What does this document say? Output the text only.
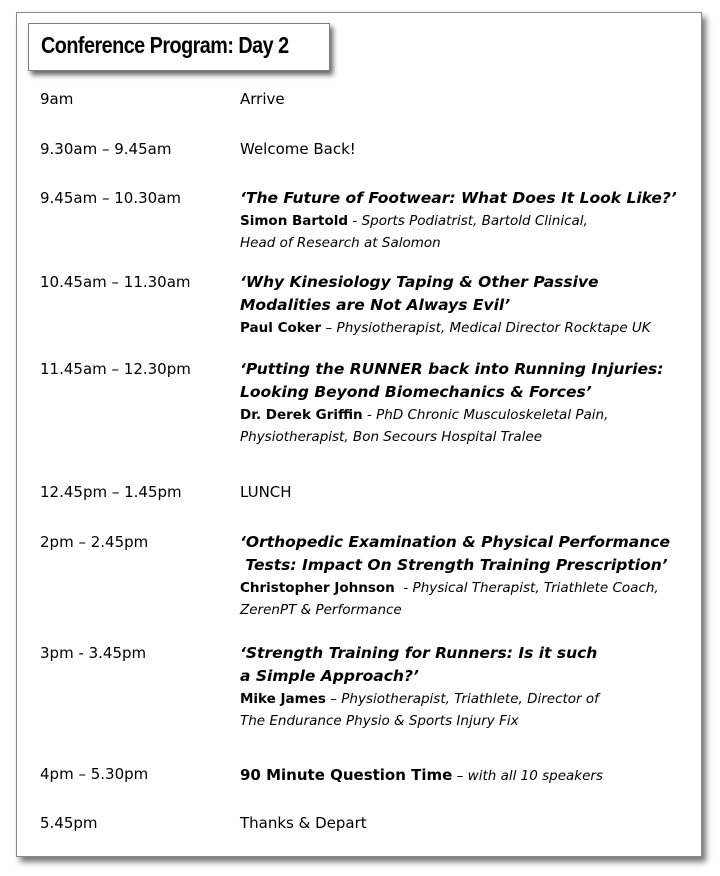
Conference Program: Day 2
9am	Arrive
9.30am – 9.45am	Welcome Back!
9.45am – 10.30am	‘The Future of Footwear: What Does It Look Like?’
Simon Bartold - Sports Podiatrist, Bartold Clinical,
Head of Research at Salomon
10.45am – 11.30am	‘Why Kinesiology Taping & Other Passive
Modalities are Not Always Evil’
Paul Coker – Physiotherapist, Medical Director Rocktape UK
11.45am – 12.30pm	‘Putting the RUNNER back into Running Injuries:
Looking Beyond Biomechanics & Forces’
Dr. Derek Griffin - PhD Chronic Musculoskeletal Pain,
Physiotherapist, Bon Secours Hospital Tralee
12.45pm – 1.45pm	LUNCH
2pm – 2.45pm	‘Orthopedic Examination & Physical Performance
Tests: Impact On Strength Training Prescription’
Christopher Johnson  - Physical Therapist, Triathlete Coach,
ZerenPT & Performance
3pm - 3.45pm	‘Strength Training for Runners: Is it such
a Simple Approach?’
Mike James – Physiotherapist, Triathlete, Director of
The Endurance Physio & Sports Injury Fix
4pm – 5.30pm	90 Minute Question Time – with all 10 speakers
5.45pm	Thanks & Depart
